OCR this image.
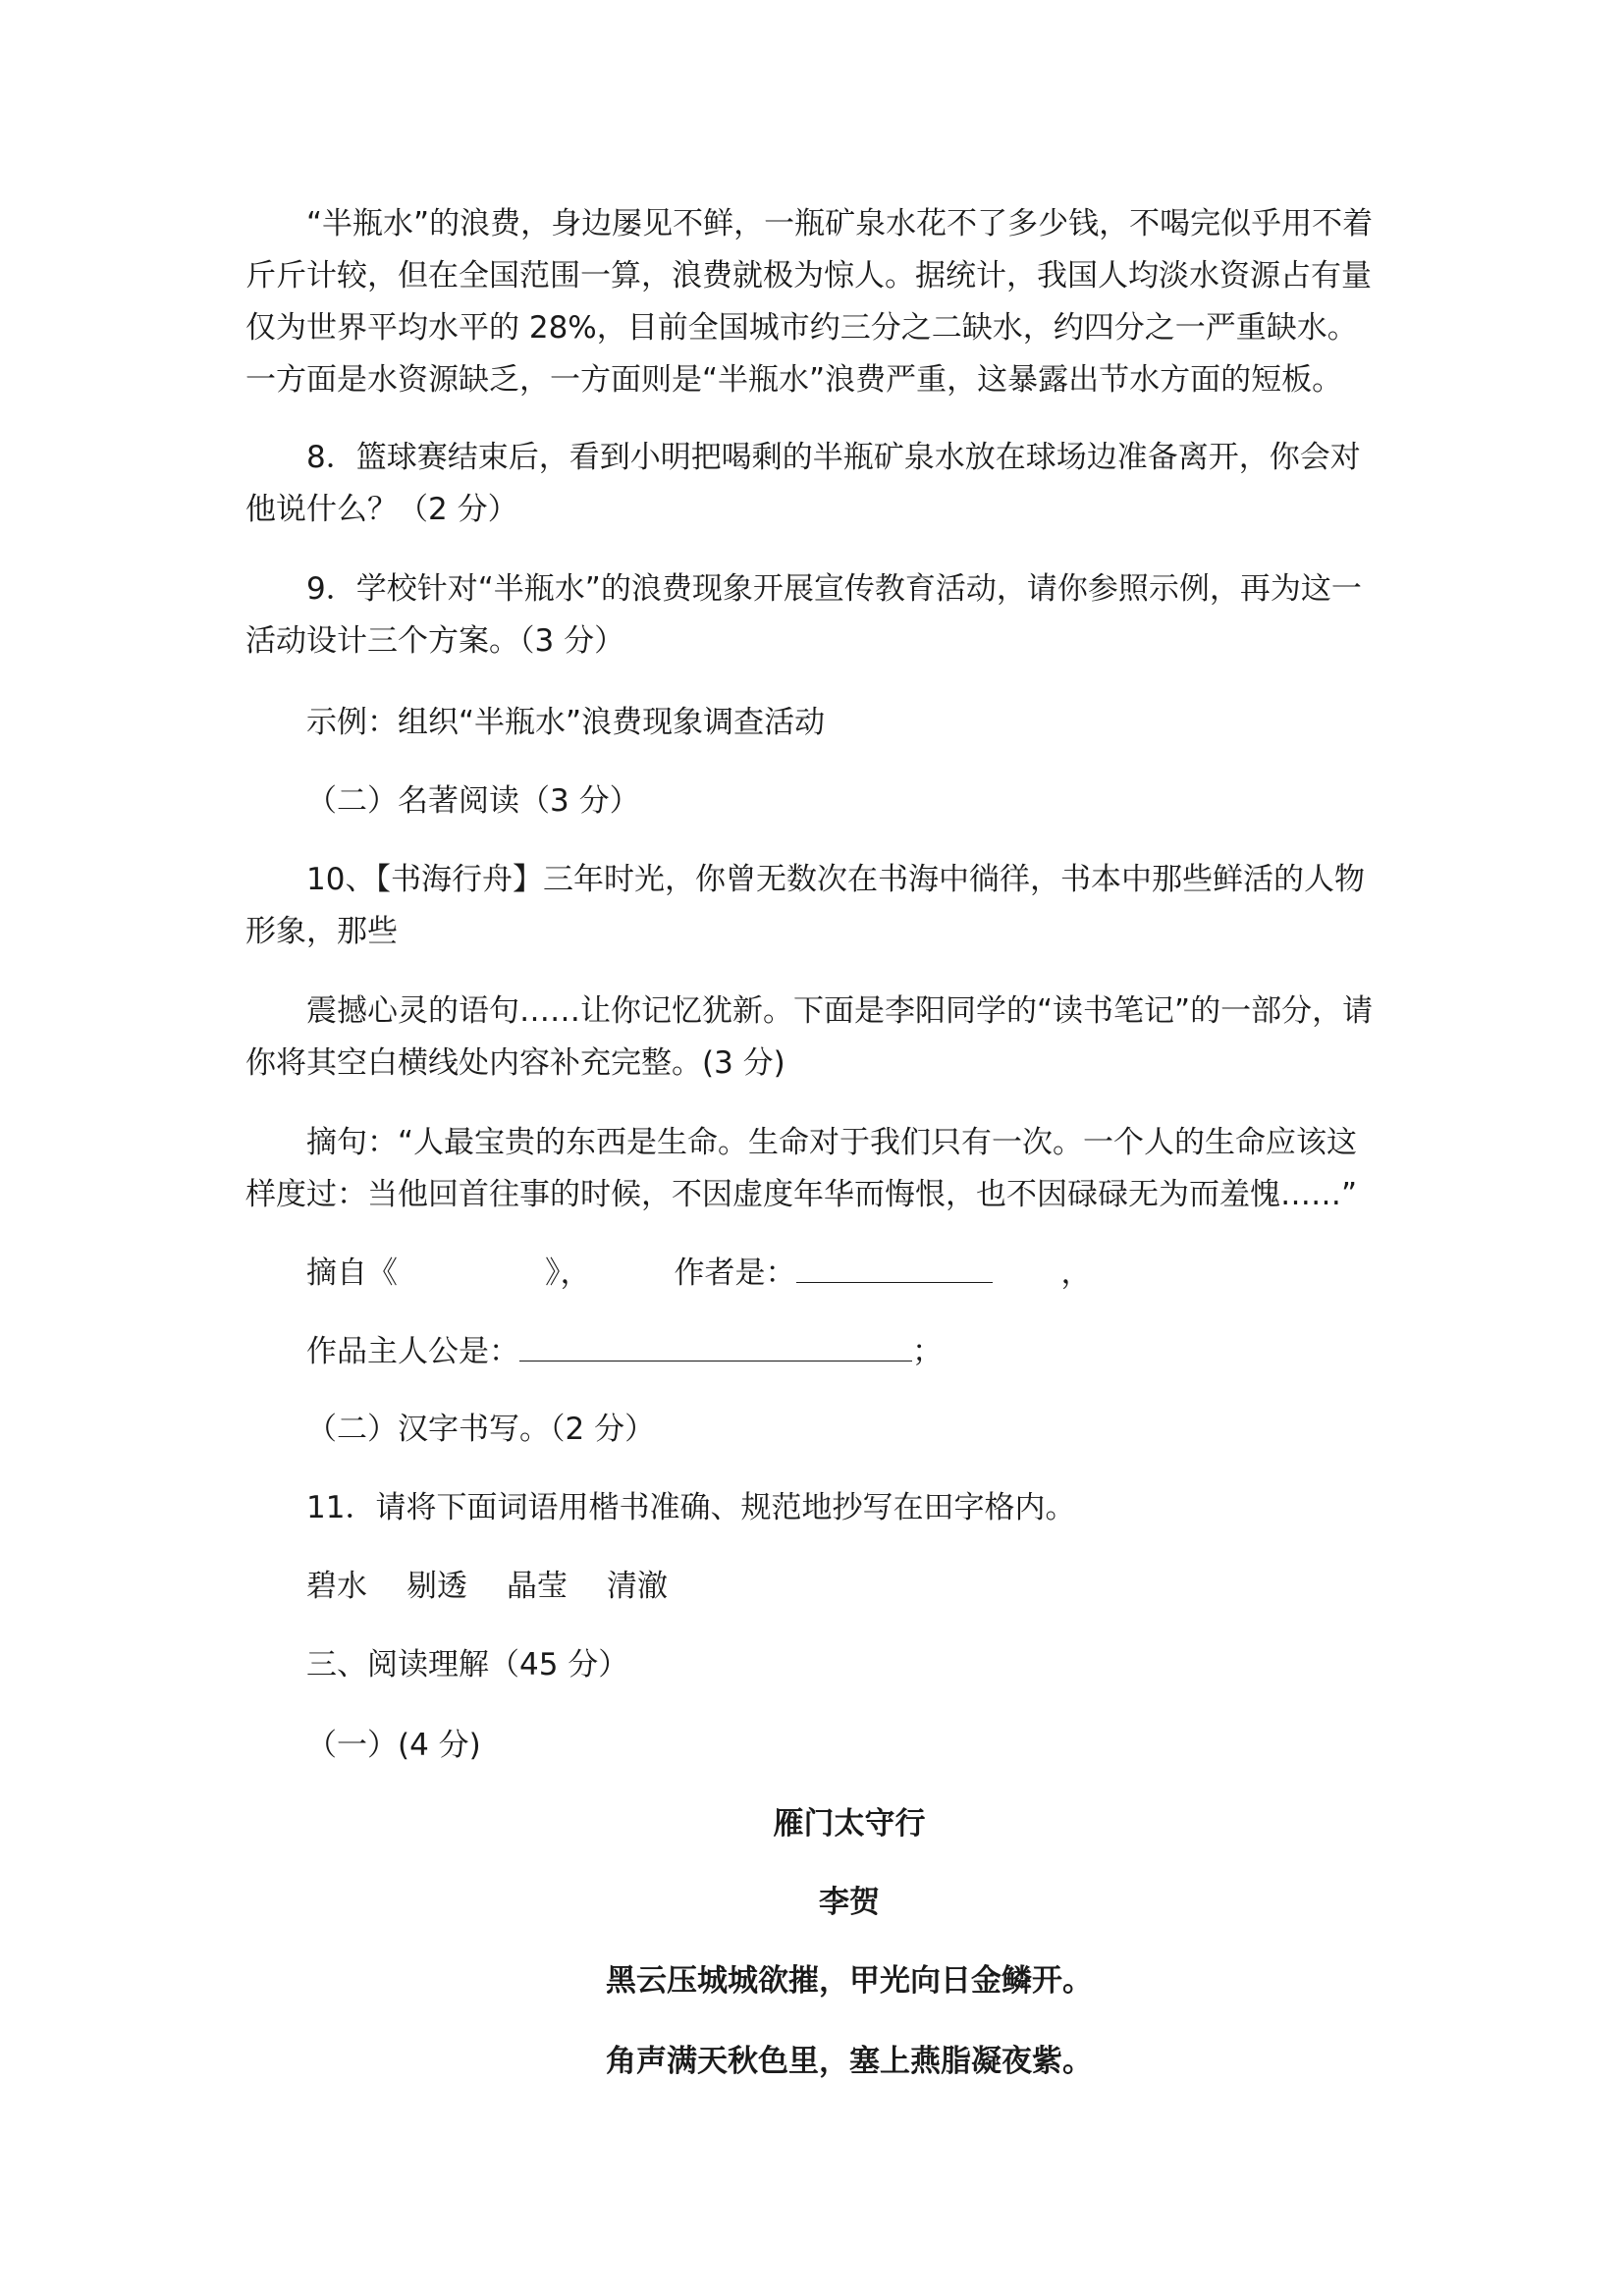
“半瓶水”的浪费，身边屡见不鲜，一瓶矿泉水花不了多少钱，不喝完似乎用不着斤斤计较，但在全国范围一算，浪费就极为惊人。据统计，我国人均淡水资源占有量仅为世界平均水平的 28%，目前全国城市约三分之二缺水，约四分之一严重缺水。一方面是水资源缺乏，一方面则是“半瓶水”浪费严重，这暴露出节水方面的短板。

8．篮球赛结束后，看到小明把喝剩的半瓶矿泉水放在球场边准备离开，你会对他说什么？（2 分）

9．学校针对“半瓶水”的浪费现象开展宣传教育活动，请你参照示例，再为这一活动设计三个方案。（3 分）

示例：组织“半瓶水”浪费现象调查活动

（二）名著阅读（3 分）

10、【书海行舟】三年时光，你曾无数次在书海中徜徉，书本中那些鲜活的人物形象，那些

震撼心灵的语句……让你记忆犹新。下面是李阳同学的“读书笔记”的一部分，请你将其空白横线处内容补充完整。(3 分)

摘句：“人最宝贵的东西是生命。生命对于我们只有一次。一个人的生命应该这样度过：当他回首往事的时候，不因虚度年华而悔恨，也不因碌碌无为而羞愧……”

摘自《	》，	作者是：	，

作品主人公是：	；

（二）汉字书写。（2 分）

11．请将下面词语用楷书准确、规范地抄写在田字格内。

碧水 剔透 晶莹 清澈

三、阅读理解（45 分）

（一）(4 分)

雁门太守行

李贺

黑云压城城欲摧，甲光向日金鳞开。

角声满天秋色里，塞上燕脂凝夜紫。
